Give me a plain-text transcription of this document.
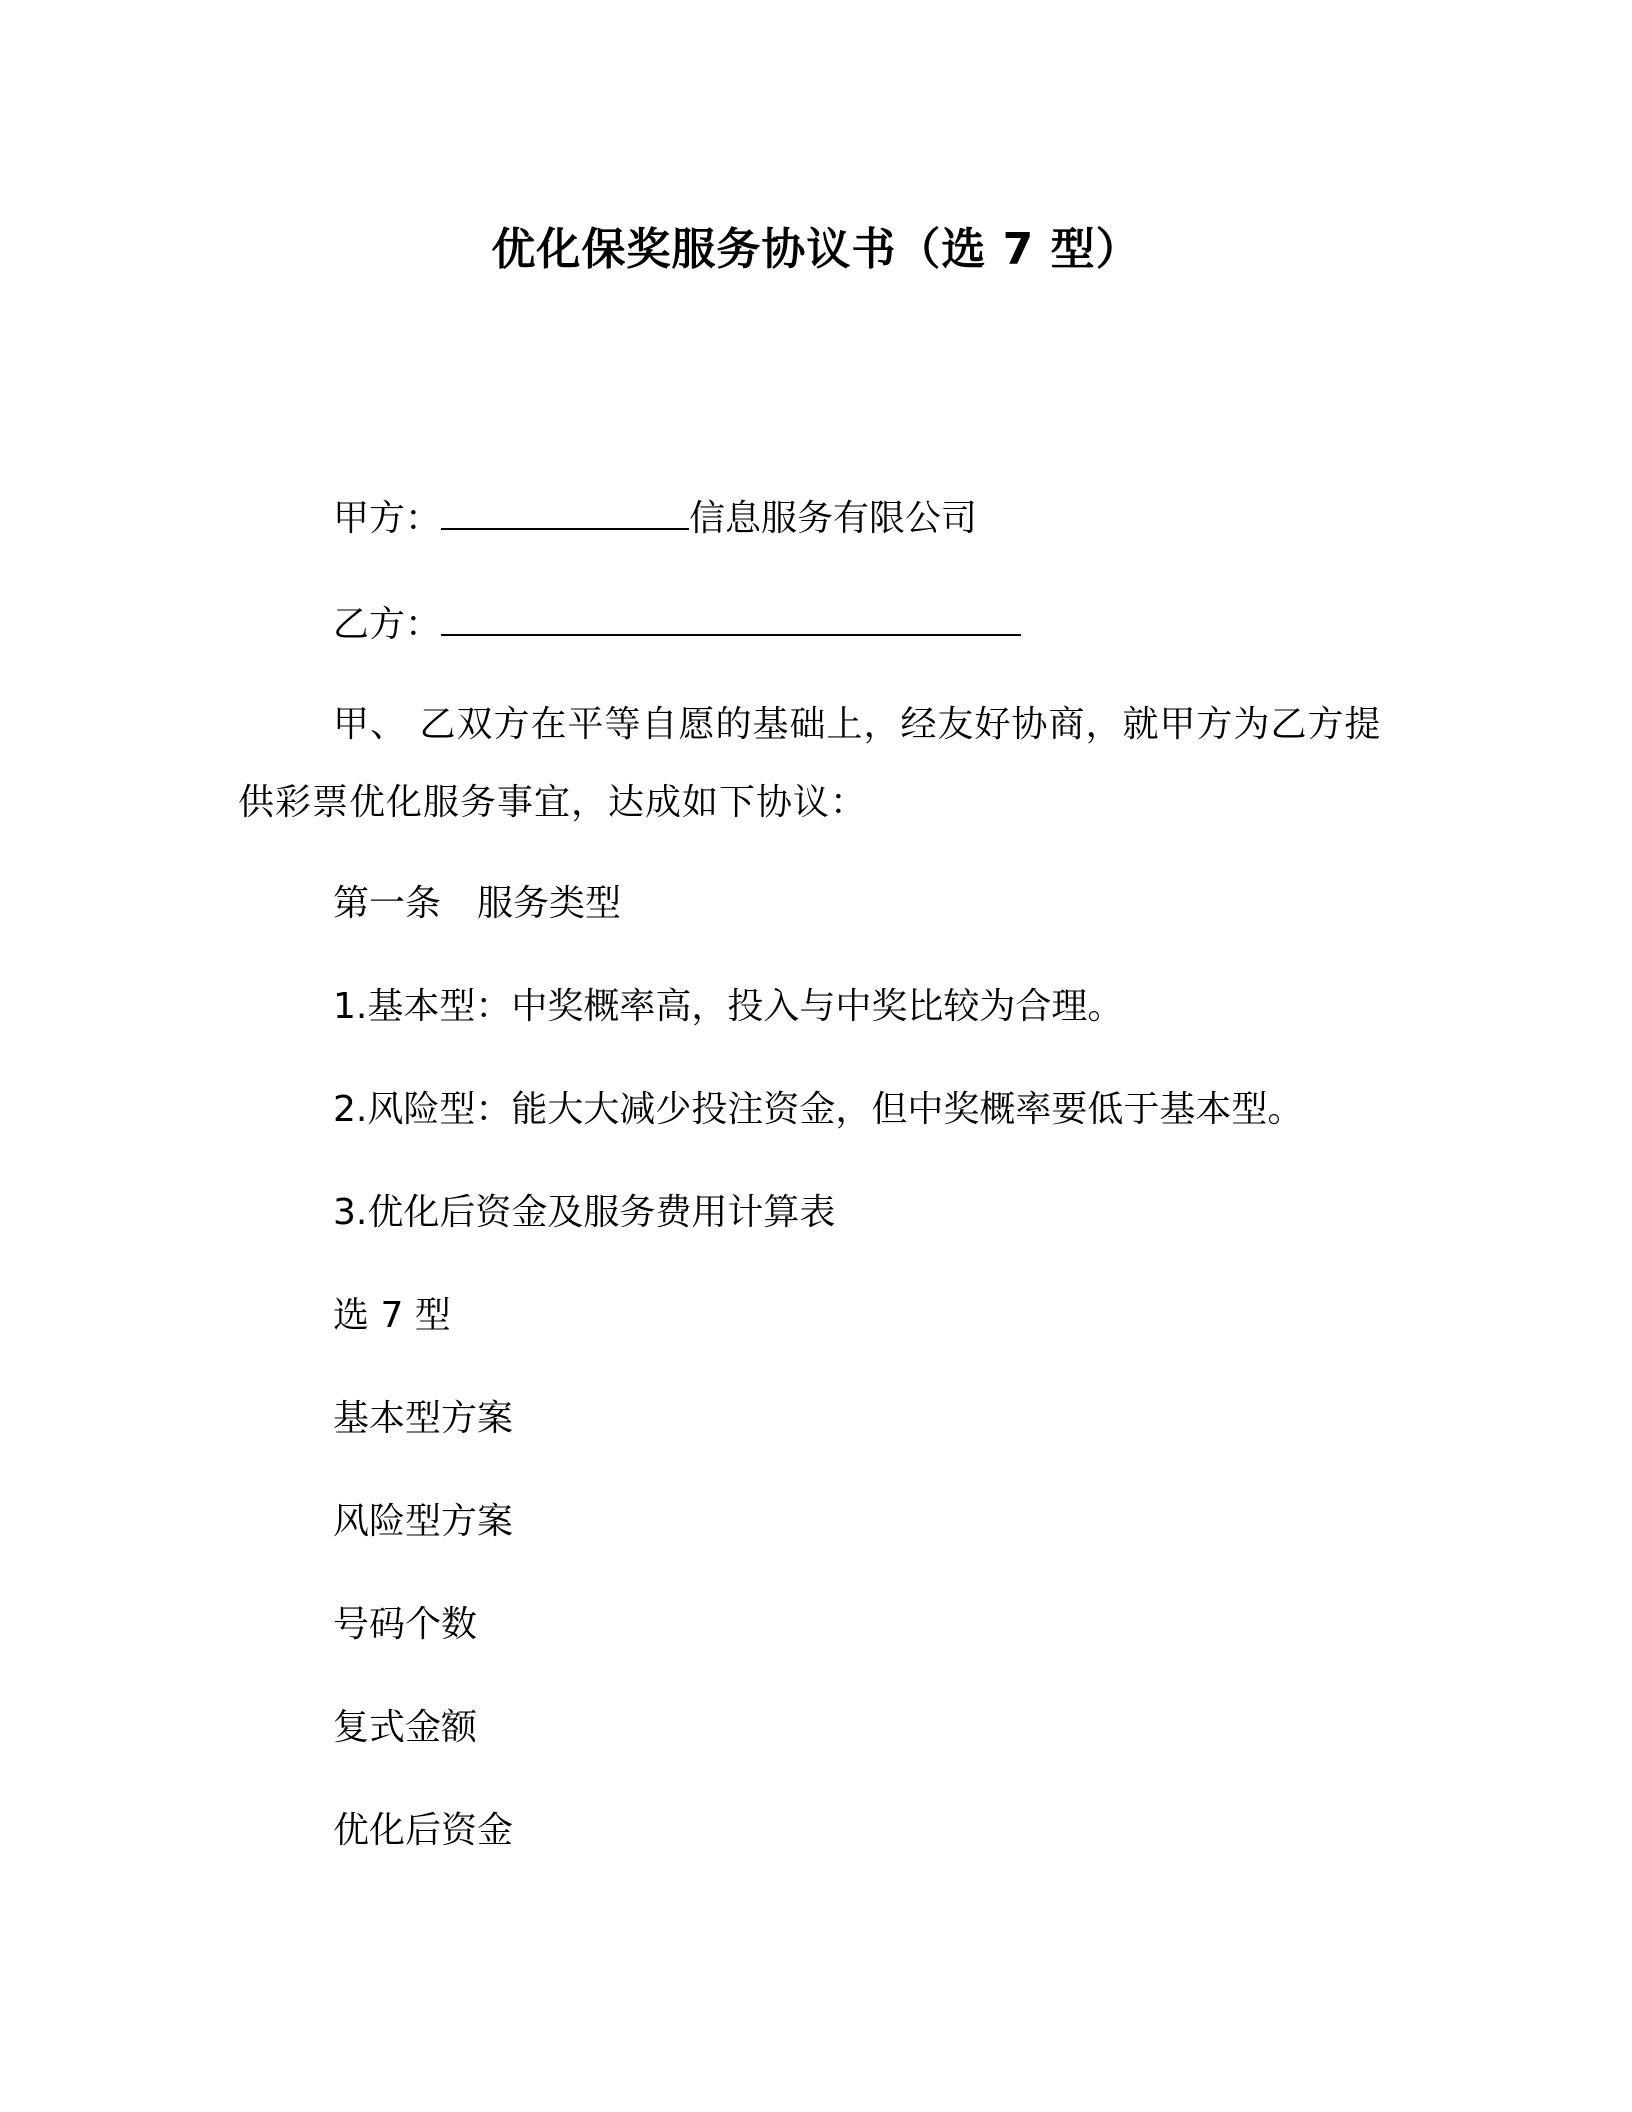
优化保奖服务协议书（选 7 型）
甲方：	信息服务有限公司
乙方：
甲、 乙双方在平等自愿的基础上，经友好协商，就甲方为乙方提供彩票优化服务事宜，达成如下协议：
第一条 服务类型
1.基本型：中奖概率高，投入与中奖比较为合理。
2.风险型：能大大减少投注资金，但中奖概率要低于基本型。
3.优化后资金及服务费用计算表
选 7 型
基本型方案
风险型方案
号码个数
复式金额
优化后资金
